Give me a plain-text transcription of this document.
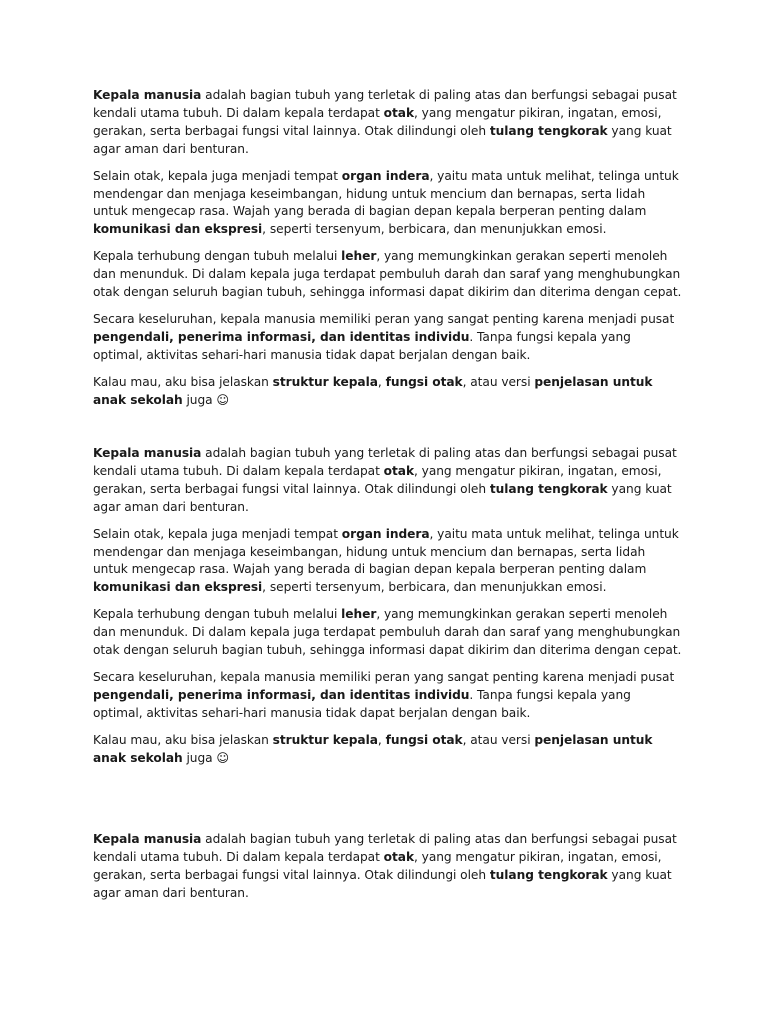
Kepala manusia adalah bagian tubuh yang terletak di paling atas dan berfungsi sebagai pusat kendali utama tubuh. Di dalam kepala terdapat otak, yang mengatur pikiran, ingatan, emosi, gerakan, serta berbagai fungsi vital lainnya. Otak dilindungi oleh tulang tengkorak yang kuat agar aman dari benturan.

Selain otak, kepala juga menjadi tempat organ indera, yaitu mata untuk melihat, telinga untuk mendengar dan menjaga keseimbangan, hidung untuk mencium dan bernapas, serta lidah untuk mengecap rasa. Wajah yang berada di bagian depan kepala berperan penting dalam komunikasi dan ekspresi, seperti tersenyum, berbicara, dan menunjukkan emosi.

Kepala terhubung dengan tubuh melalui leher, yang memungkinkan gerakan seperti menoleh dan menunduk. Di dalam kepala juga terdapat pembuluh darah dan saraf yang menghubungkan otak dengan seluruh bagian tubuh, sehingga informasi dapat dikirim dan diterima dengan cepat.

Secara keseluruhan, kepala manusia memiliki peran yang sangat penting karena menjadi pusat pengendali, penerima informasi, dan identitas individu. Tanpa fungsi kepala yang optimal, aktivitas sehari-hari manusia tidak dapat berjalan dengan baik.

Kalau mau, aku bisa jelaskan struktur kepala, fungsi otak, atau versi penjelasan untuk anak sekolah juga ☺

Kepala manusia adalah bagian tubuh yang terletak di paling atas dan berfungsi sebagai pusat kendali utama tubuh. Di dalam kepala terdapat otak, yang mengatur pikiran, ingatan, emosi, gerakan, serta berbagai fungsi vital lainnya. Otak dilindungi oleh tulang tengkorak yang kuat agar aman dari benturan.

Selain otak, kepala juga menjadi tempat organ indera, yaitu mata untuk melihat, telinga untuk mendengar dan menjaga keseimbangan, hidung untuk mencium dan bernapas, serta lidah untuk mengecap rasa. Wajah yang berada di bagian depan kepala berperan penting dalam komunikasi dan ekspresi, seperti tersenyum, berbicara, dan menunjukkan emosi.

Kepala terhubung dengan tubuh melalui leher, yang memungkinkan gerakan seperti menoleh dan menunduk. Di dalam kepala juga terdapat pembuluh darah dan saraf yang menghubungkan otak dengan seluruh bagian tubuh, sehingga informasi dapat dikirim dan diterima dengan cepat.

Secara keseluruhan, kepala manusia memiliki peran yang sangat penting karena menjadi pusat pengendali, penerima informasi, dan identitas individu. Tanpa fungsi kepala yang optimal, aktivitas sehari-hari manusia tidak dapat berjalan dengan baik.

Kalau mau, aku bisa jelaskan struktur kepala, fungsi otak, atau versi penjelasan untuk anak sekolah juga ☺

Kepala manusia adalah bagian tubuh yang terletak di paling atas dan berfungsi sebagai pusat kendali utama tubuh. Di dalam kepala terdapat otak, yang mengatur pikiran, ingatan, emosi, gerakan, serta berbagai fungsi vital lainnya. Otak dilindungi oleh tulang tengkorak yang kuat agar aman dari benturan.
